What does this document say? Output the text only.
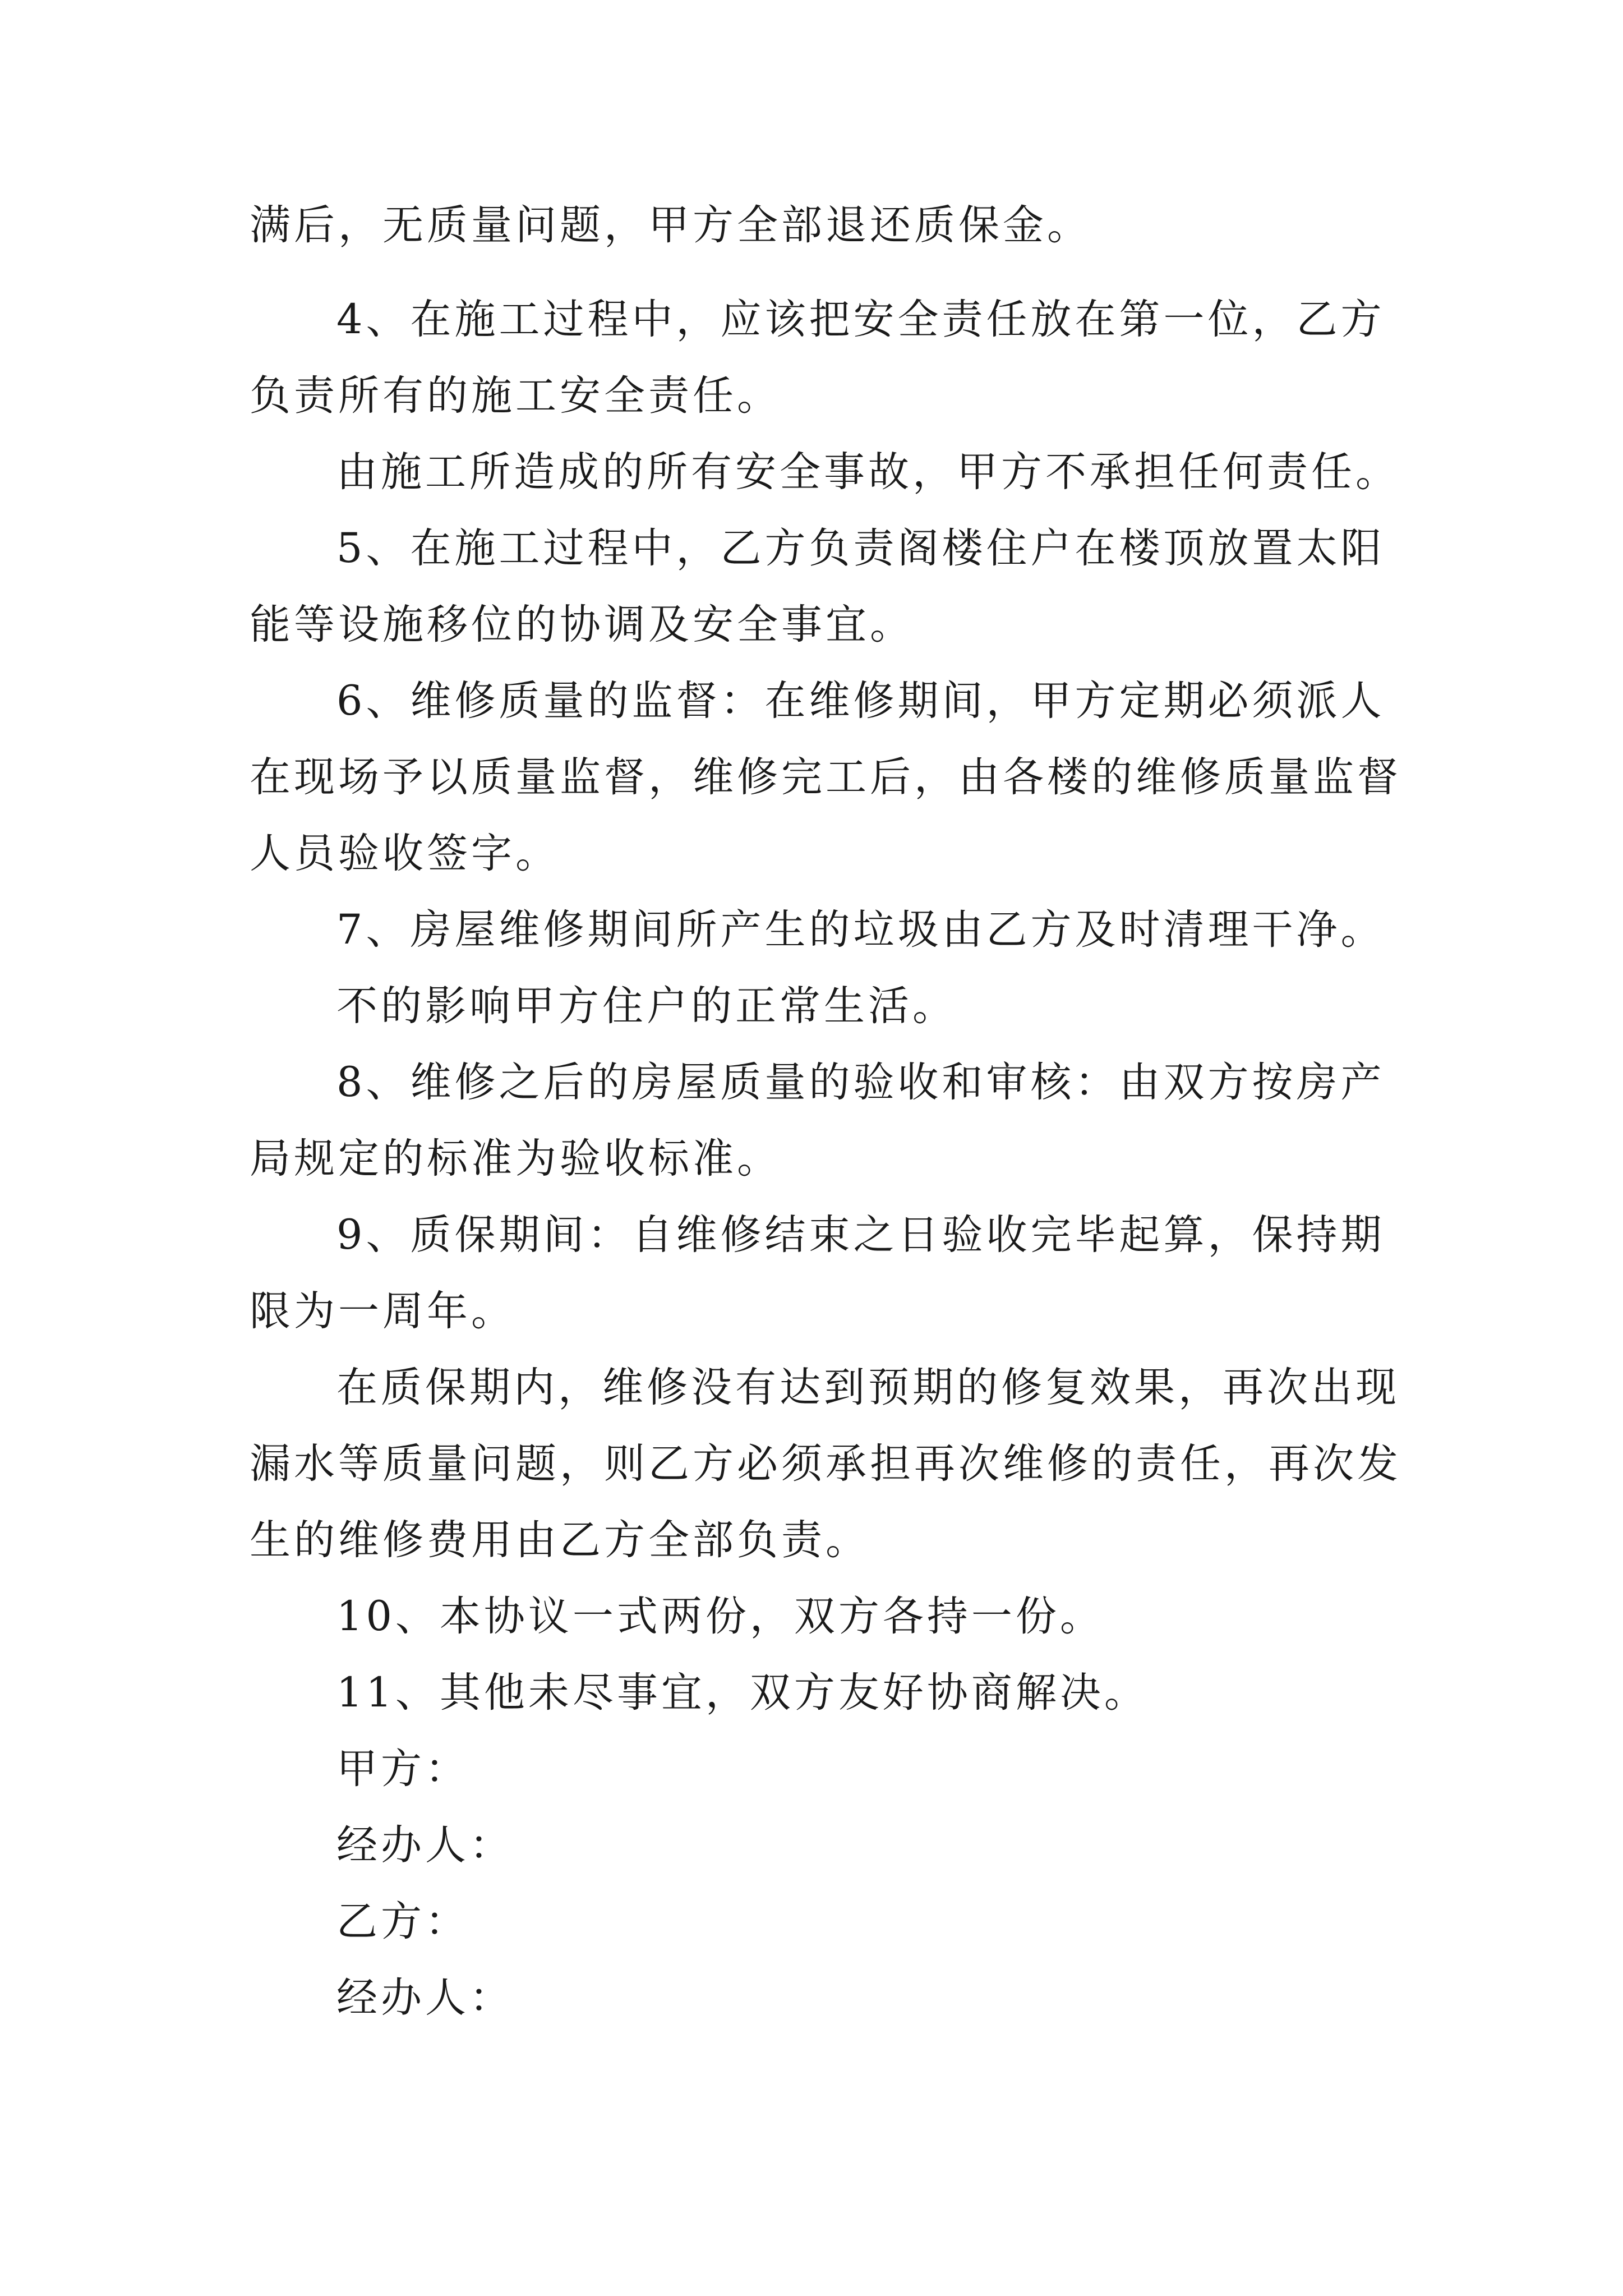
满后，无质量问题，甲方全部退还质保金。
4、在施工过程中，应该把安全责任放在第一位，乙方
负责所有的施工安全责任。
由施工所造成的所有安全事故，甲方不承担任何责任。
5、在施工过程中，乙方负责阁楼住户在楼顶放置太阳
能等设施移位的协调及安全事宜。
6、维修质量的监督：在维修期间，甲方定期必须派人
在现场予以质量监督，维修完工后，由各楼的维修质量监督
人员验收签字。
7、房屋维修期间所产生的垃圾由乙方及时清理干净。
不的影响甲方住户的正常生活。
8、维修之后的房屋质量的验收和审核：由双方按房产
局规定的标准为验收标准。
9、质保期间：自维修结束之日验收完毕起算，保持期
限为一周年。
在质保期内，维修没有达到预期的修复效果，再次出现
漏水等质量问题，则乙方必须承担再次维修的责任，再次发
生的维修费用由乙方全部负责。
10、本协议一式两份，双方各持一份。
11、其他未尽事宜，双方友好协商解决。
甲方：
经办人：
乙方：
经办人：
